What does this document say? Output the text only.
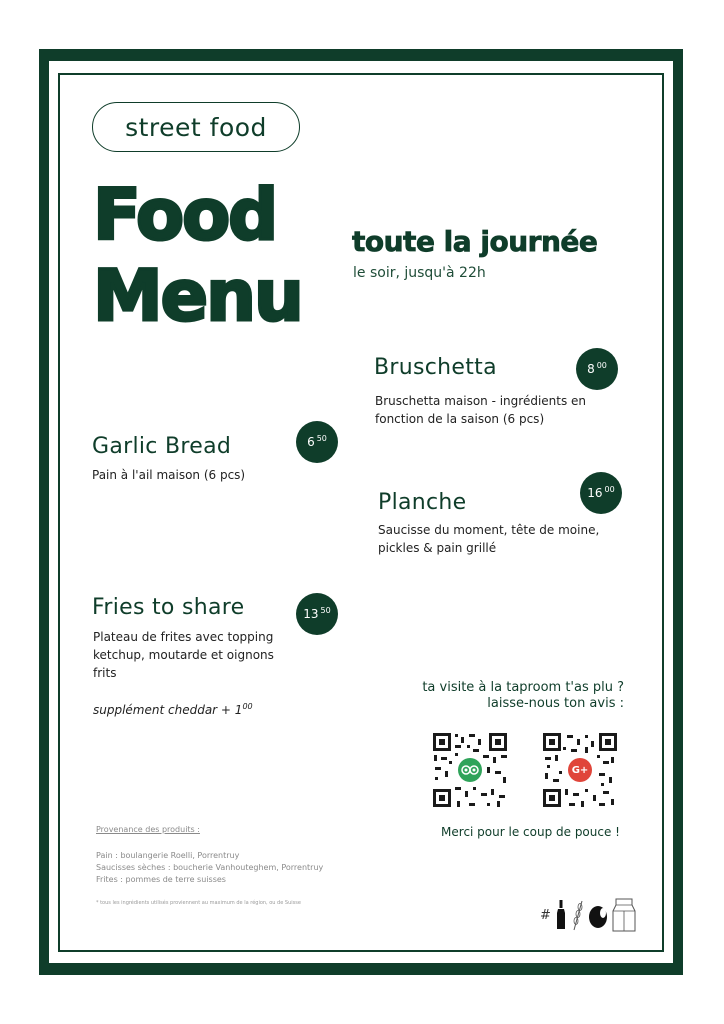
street food
Food
Menu
toute la journée
le soir, jusqu'à 22h
Bruschetta	8 $^{00}$
Bruschetta maison - ingrédients en
fonction de la saison (6 pcs)
Garlic Bread	6 $^{50}$
Pain à l'ail maison (6 pcs)
Planche	16 $^{00}$
Saucisse du moment, tête de moine,
pickles & pain grillé
Fries to share	13 $^{50}$
Plateau de frites avec topping
ketchup, moutarde et oignons
frits
supplément cheddar + $1^{00}$
ta visite à la taproom t'as plu ?
laisse-nous ton avis :
G+
Merci pour le coup de pouce !
Provenance des produits :
Pain : boulangerie Roelli, Porrentruy
Saucisses sèches : boucherie Vanhouteghem, Porrentruy
Frites : pommes de terre suisses
* tous les ingrédients utilisés proviennent au maximum de la région, ou de Suisse
#
